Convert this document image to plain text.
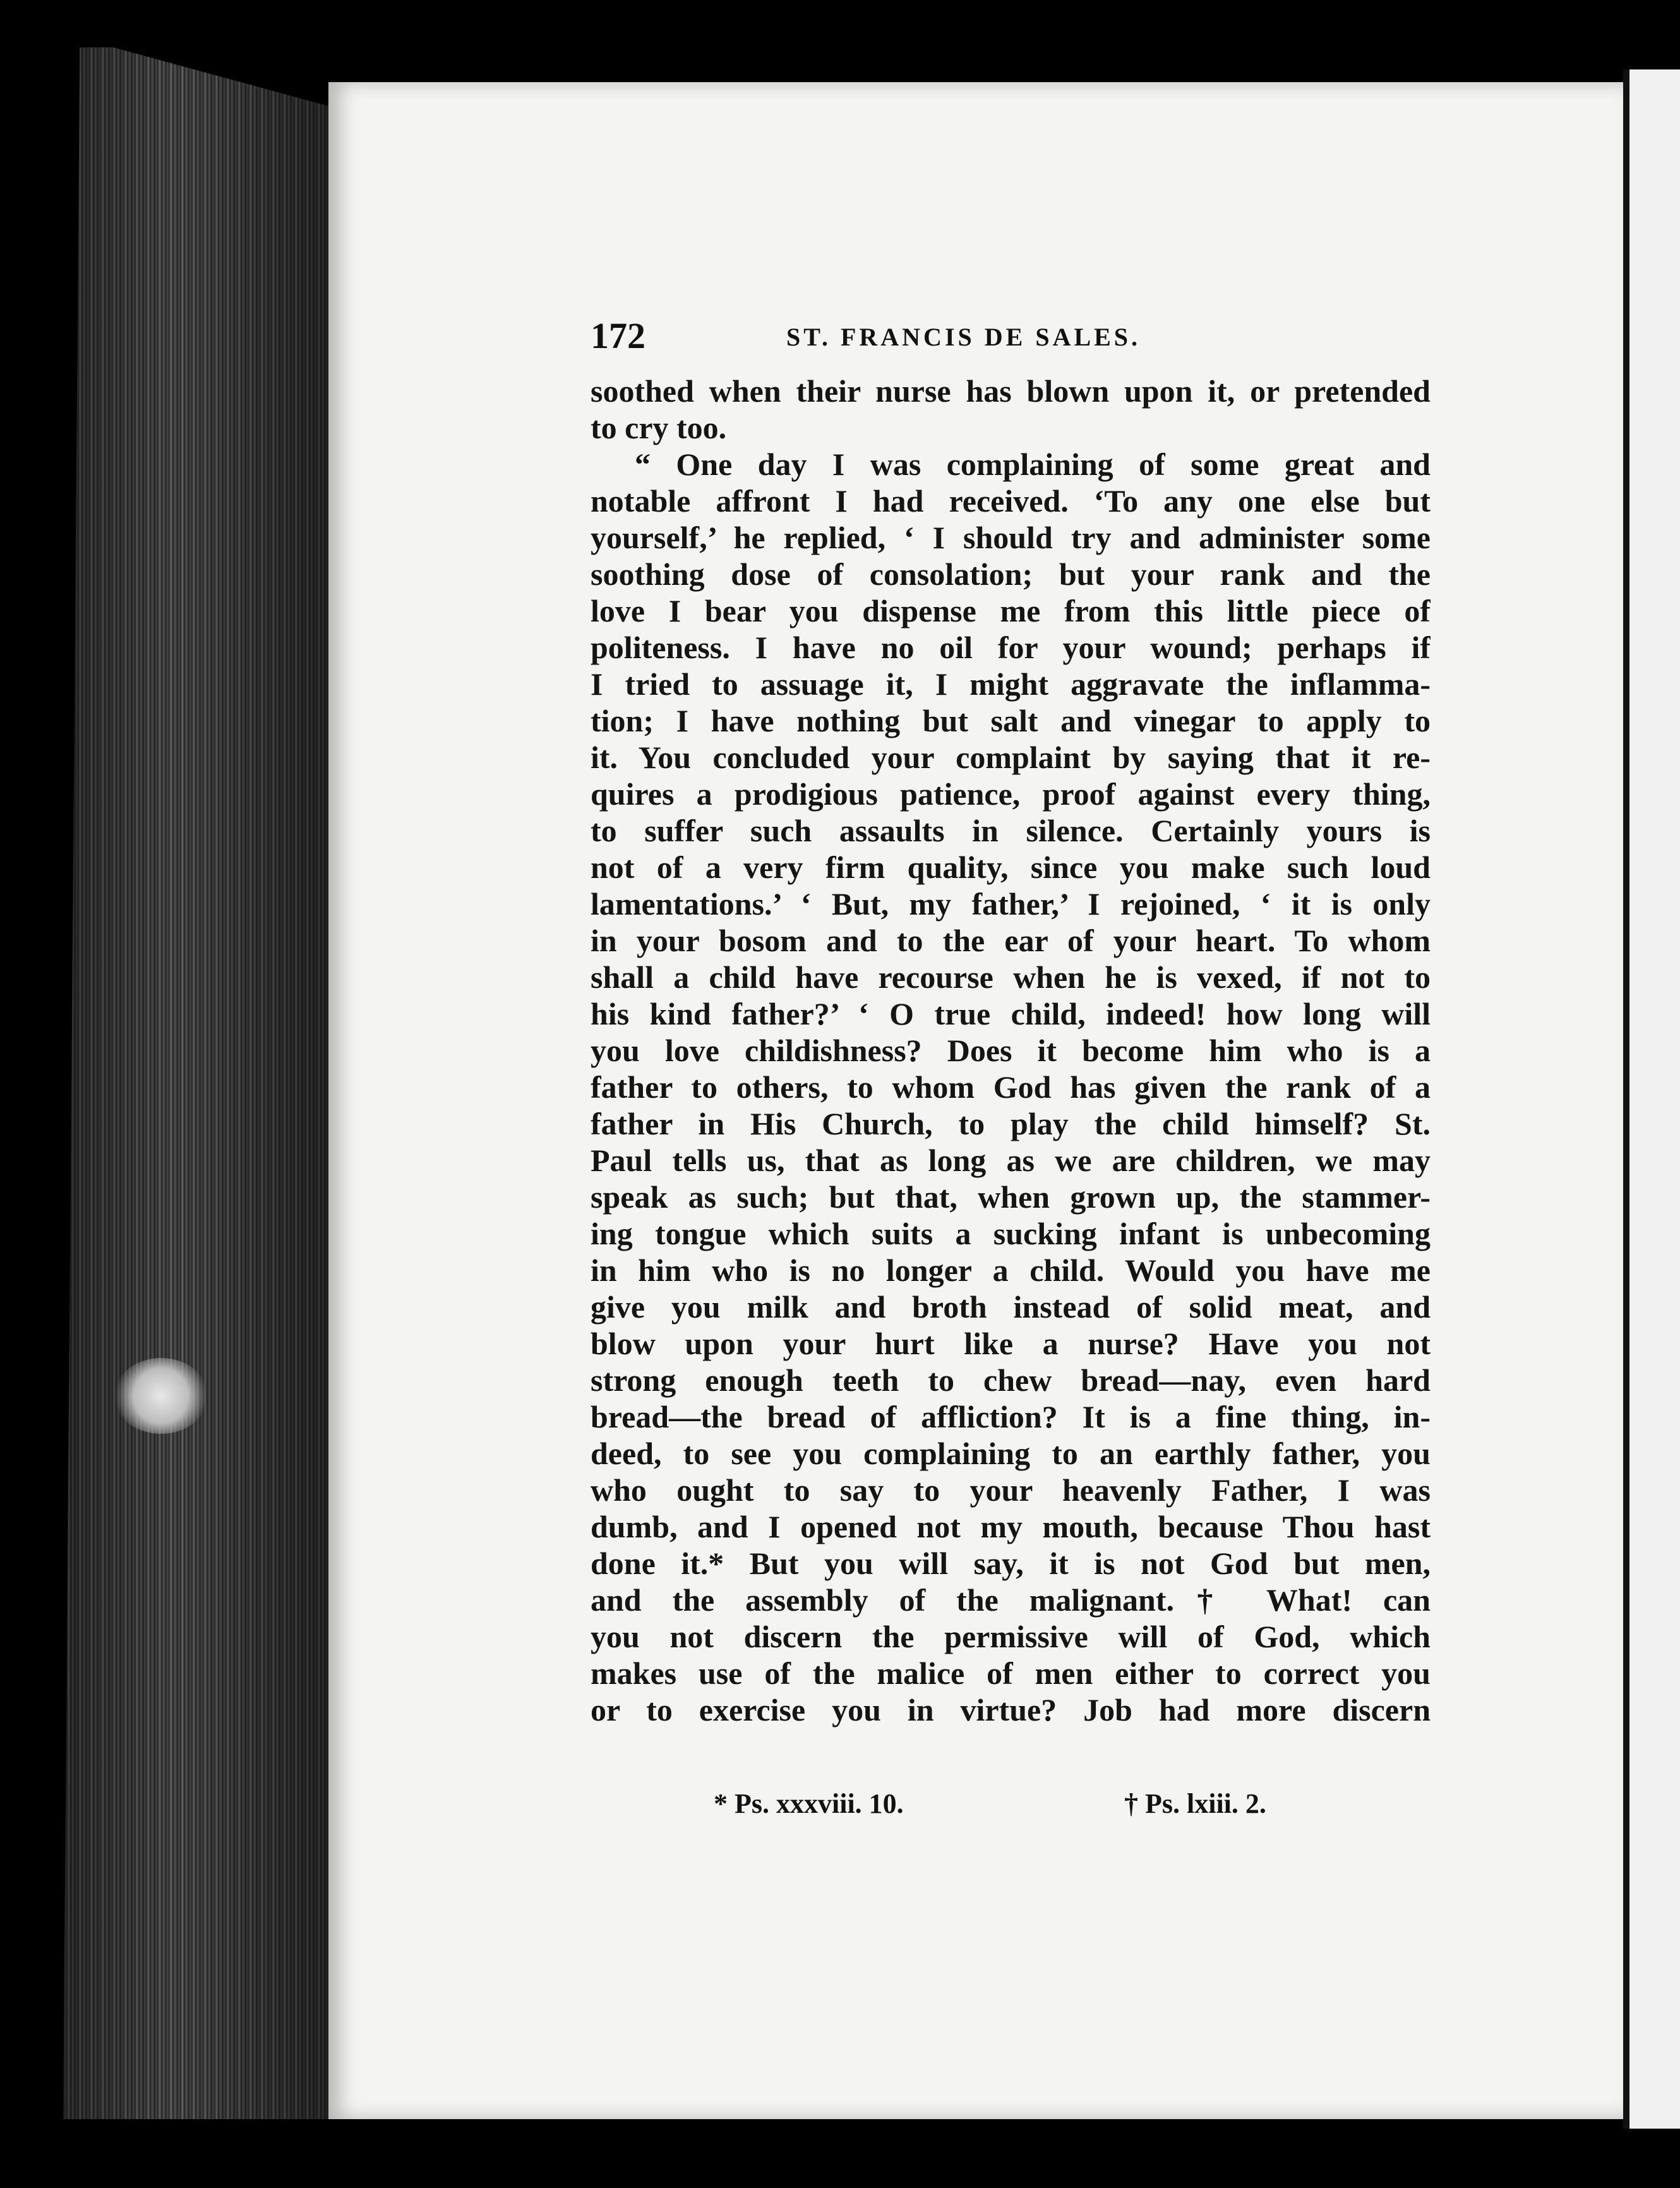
172	ST. FRANCIS DE SALES.
soothed when their nurse has blown upon it, or pretended
to cry too.
“ One day I was complaining of some great and
notable affront I had received. ‘To any one else but
yourself,’ he replied, ‘ I should try and administer some
soothing dose of consolation; but your rank and the
love I bear you dispense me from this little piece of
politeness. I have no oil for your wound; perhaps if
I tried to assuage it, I might aggravate the inflamma-
tion; I have nothing but salt and vinegar to apply to
it. You concluded your complaint by saying that it re-
quires a prodigious patience, proof against every thing,
to suffer such assaults in silence. Certainly yours is
not of a very firm quality, since you make such loud
lamentations.’ ‘ But, my father,’ I rejoined, ‘ it is only
in your bosom and to the ear of your heart. To whom
shall a child have recourse when he is vexed, if not to
his kind father?’ ‘ O true child, indeed! how long will
you love childishness? Does it become him who is a
father to others, to whom God has given the rank of a
father in His Church, to play the child himself? St.
Paul tells us, that as long as we are children, we may
speak as such; but that, when grown up, the stammer-
ing tongue which suits a sucking infant is unbecoming
in him who is no longer a child. Would you have me
give you milk and broth instead of solid meat, and
blow upon your hurt like a nurse? Have you not
strong enough teeth to chew bread—nay, even hard
bread—the bread of affliction? It is a fine thing, in-
deed, to see you complaining to an earthly father, you
who ought to say to your heavenly Father, I was
dumb, and I opened not my mouth, because Thou hast
done it.* But you will say, it is not God but men,
and the assembly of the malignant.† What! can
you not discern the permissive will of God, which
makes use of the malice of men either to correct you
or to exercise you in virtue? Job had more discern
* Ps. xxxviii. 10.	† Ps. lxiii. 2.
